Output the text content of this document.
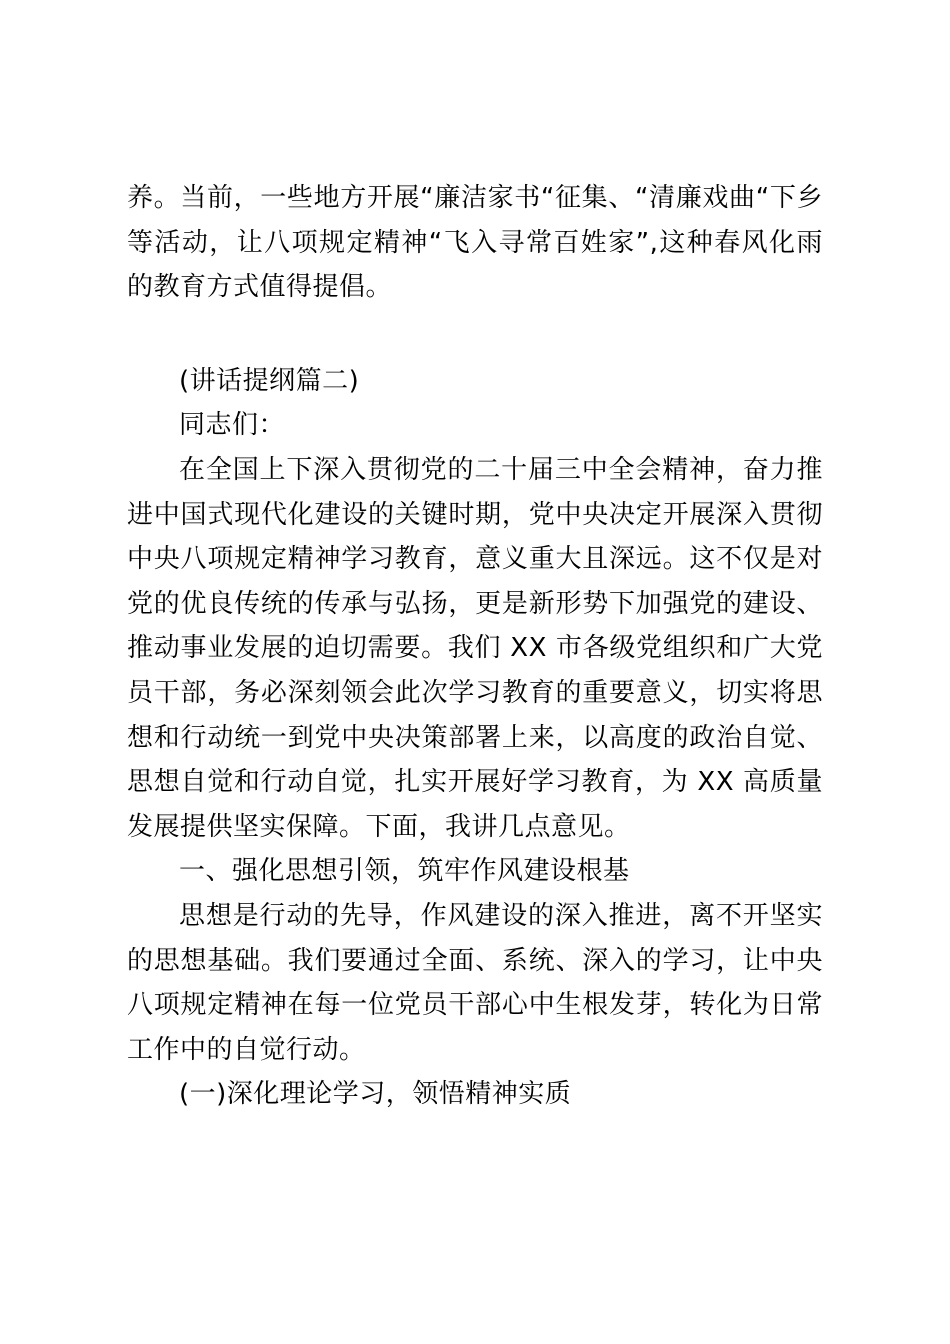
养。当前，一些地方开展“廉洁家书“征集、“清廉戏曲“下乡等活动，让八项规定精神“飞入寻常百姓家”,这种春风化雨的教育方式值得提倡。

(讲话提纲篇二)

同志们：

在全国上下深入贯彻党的二十届三中全会精神，奋力推进中国式现代化建设的关键时期，党中央决定开展深入贯彻中央八项规定精神学习教育，意义重大且深远。这不仅是对党的优良传统的传承与弘扬，更是新形势下加强党的建设、推动事业发展的迫切需要。我们 XX 市各级党组织和广大党员干部，务必深刻领会此次学习教育的重要意义，切实将思想和行动统一到党中央决策部署上来，以高度的政治自觉、思想自觉和行动自觉，扎实开展好学习教育，为 XX 高质量发展提供坚实保障。下面，我讲几点意见。

一、强化思想引领，筑牢作风建设根基

思想是行动的先导，作风建设的深入推进，离不开坚实的思想基础。我们要通过全面、系统、深入的学习，让中央八项规定精神在每一位党员干部心中生根发芽，转化为日常工作中的自觉行动。

(一)深化理论学习，领悟精神实质
